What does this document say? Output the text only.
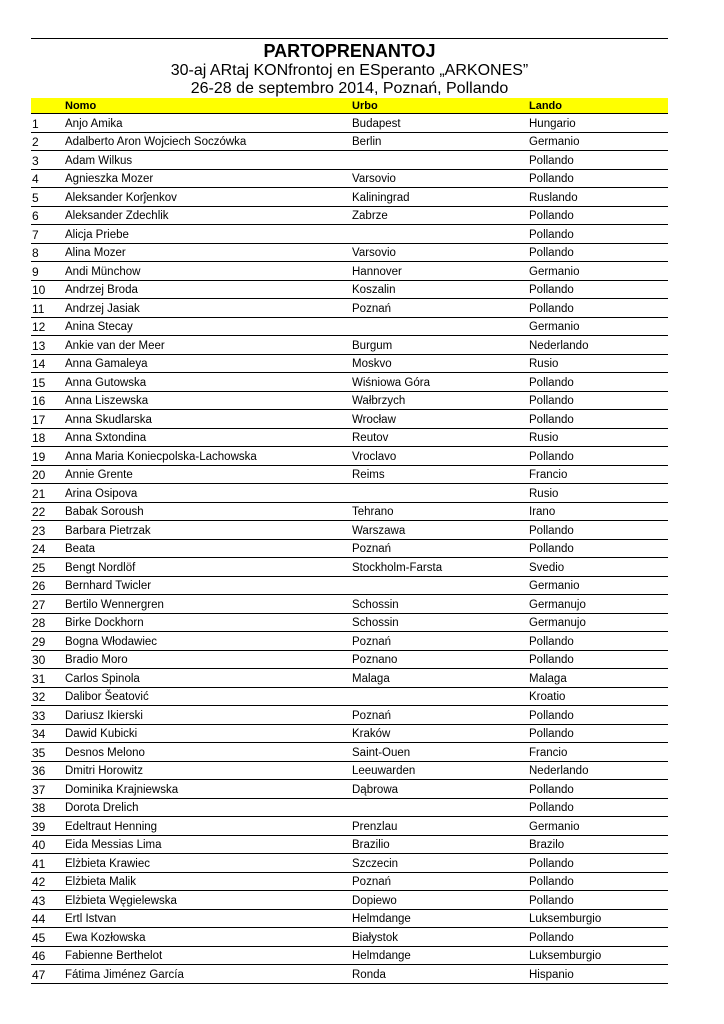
PARTOPRENANTOJ
30-aj ARtaj KONfrontoj en ESperanto „ARKONES”
26-28 de septembro 2014, Poznań, Pollando
	Nomo	Urbo	Lando
1	Anjo Amika	Budapest	Hungario
2	Adalberto Aron Wojciech Soczówka	Berlin	Germanio
3	Adam Wilkus		Pollando
4	Agnieszka Mozer	Varsovio	Pollando
5	Aleksander Korĵenkov	Kaliningrad	Ruslando
6	Aleksander Zdechlik	Zabrze	Pollando
7	Alicja Priebe		Pollando
8	Alina Mozer	Varsovio	Pollando
9	Andi Münchow	Hannover	Germanio
10	Andrzej Broda	Koszalin	Pollando
11	Andrzej Jasiak	Poznań	Pollando
12	Anina Stecay		Germanio
13	Ankie van der Meer	Burgum	Nederlando
14	Anna Gamaleya	Moskvo	Rusio
15	Anna Gutowska	Wiśniowa Góra	Pollando
16	Anna Liszewska	Wałbrzych	Pollando
17	Anna Skudlarska	Wrocław	Pollando
18	Anna Sxtondina	Reutov	Rusio
19	Anna Maria Koniecpolska-Lachowska	Vroclavo	Pollando
20	Annie Grente	Reims	Francio
21	Arina Osipova		Rusio
22	Babak Soroush	Tehrano	Irano
23	Barbara Pietrzak	Warszawa	Pollando
24	Beata	Poznań	Pollando
25	Bengt Nordlöf	Stockholm-Farsta	Svedio
26	Bernhard Twicler		Germanio
27	Bertilo Wennergren	Schossin	Germanujo
28	Birke Dockhorn	Schossin	Germanujo
29	Bogna Włodawiec	Poznań	Pollando
30	Bradio Moro	Poznano	Pollando
31	Carlos Spinola	Malaga	Malaga
32	Dalibor Šeatović		Kroatio
33	Dariusz Ikierski	Poznań	Pollando
34	Dawid Kubicki	Kraków	Pollando
35	Desnos Melono	Saint-Ouen	Francio
36	Dmitri Horowitz	Leeuwarden	Nederlando
37	Dominika Krajniewska	Dąbrowa	Pollando
38	Dorota Drelich		Pollando
39	Edeltraut Henning	Prenzlau	Germanio
40	Eida Messias Lima	Brazilio	Brazilo
41	Elżbieta Krawiec	Szczecin	Pollando
42	Elżbieta Malik	Poznań	Pollando
43	Elżbieta Węgielewska	Dopiewo	Pollando
44	Ertl Istvan	Helmdange	Luksemburgio
45	Ewa Kozłowska	Białystok	Pollando
46	Fabienne Berthelot	Helmdange	Luksemburgio
47	Fátima Jiménez García	Ronda	Hispanio
